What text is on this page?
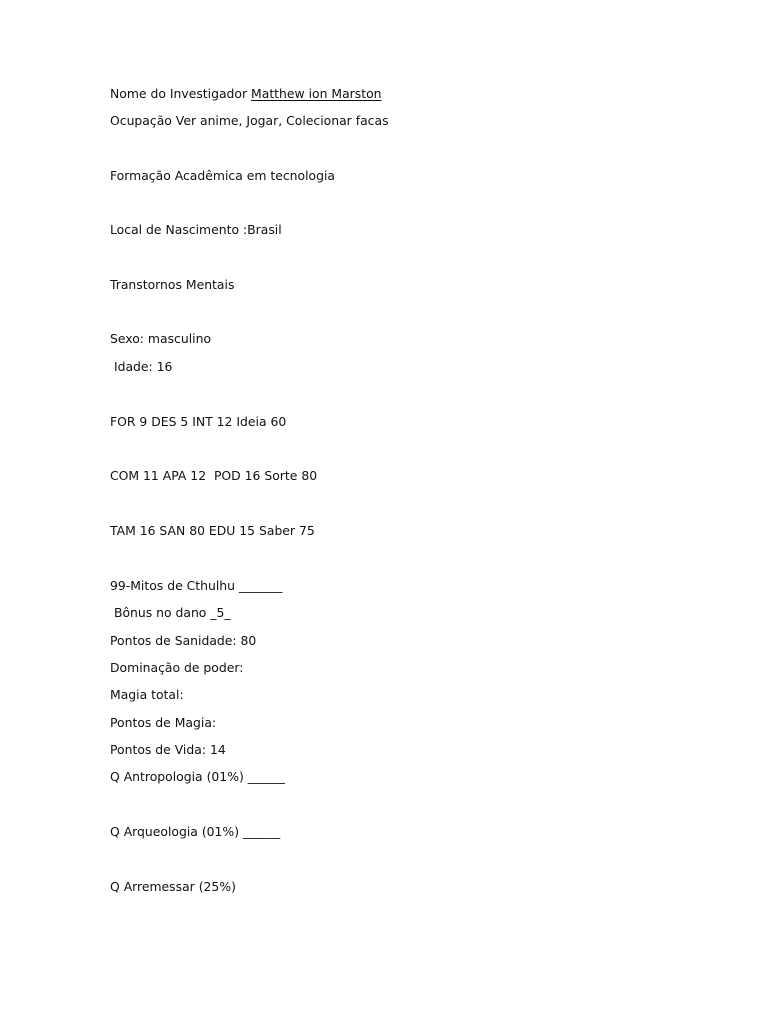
Nome do Investigador Matthew ion Marston
Ocupação Ver anime, Jogar, Colecionar facas
Formação Acadêmica em tecnologia
Local de Nascimento :Brasil
Transtornos Mentais
Sexo: masculino
Idade: 16
FOR 9 DES 5 INT 12 Ideia 60
COM 11 APA 12  POD 16 Sorte 80
TAM 16 SAN 80 EDU 15 Saber 75
99-Mitos de Cthulhu _______
Bônus no dano _5_
Pontos de Sanidade: 80
Dominação de poder:
Magia total:
Pontos de Magia:
Pontos de Vida: 14
Q Antropologia (01%) ______
Q Arqueologia (01%) ______
Q Arremessar (25%)
